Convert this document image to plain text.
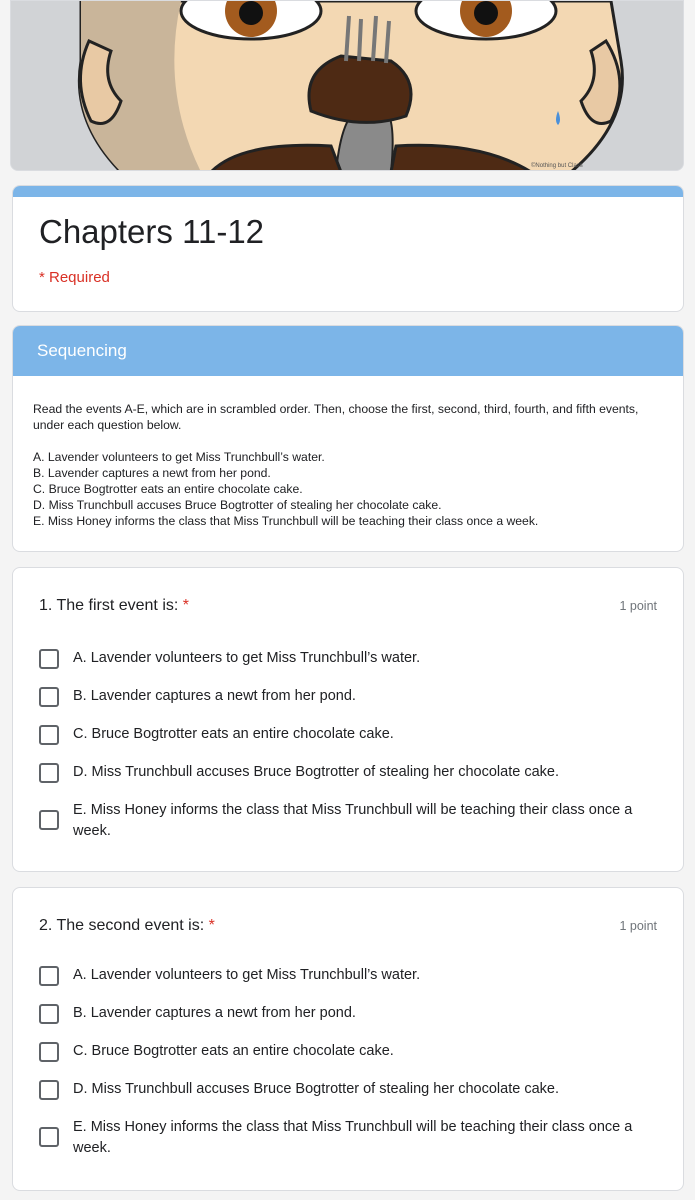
©Nothing but Class
Chapters 11-12
* Required
Sequencing

Read the events A-E, which are in scrambled order. Then, choose the first, second, third, fourth, and fifth events, under each question below.

A. Lavender volunteers to get Miss Trunchbull’s water.
B. Lavender captures a newt from her pond.
C. Bruce Bogtrotter eats an entire chocolate cake.
D. Miss Trunchbull accuses Bruce Bogtrotter of stealing her chocolate cake.
E. Miss Honey informs the class that Miss Trunchbull will be teaching their class once a week.
1. The first event is: *	1 point
A. Lavender volunteers to get Miss Trunchbull’s water.
B. Lavender captures a newt from her pond.
C. Bruce Bogtrotter eats an entire chocolate cake.
D. Miss Trunchbull accuses Bruce Bogtrotter of stealing her chocolate cake.
E. Miss Honey informs the class that Miss Trunchbull will be teaching their class once a week.
2. The second event is: *	1 point
A. Lavender volunteers to get Miss Trunchbull’s water.
B. Lavender captures a newt from her pond.
C. Bruce Bogtrotter eats an entire chocolate cake.
D. Miss Trunchbull accuses Bruce Bogtrotter of stealing her chocolate cake.
E. Miss Honey informs the class that Miss Trunchbull will be teaching their class once a week.
